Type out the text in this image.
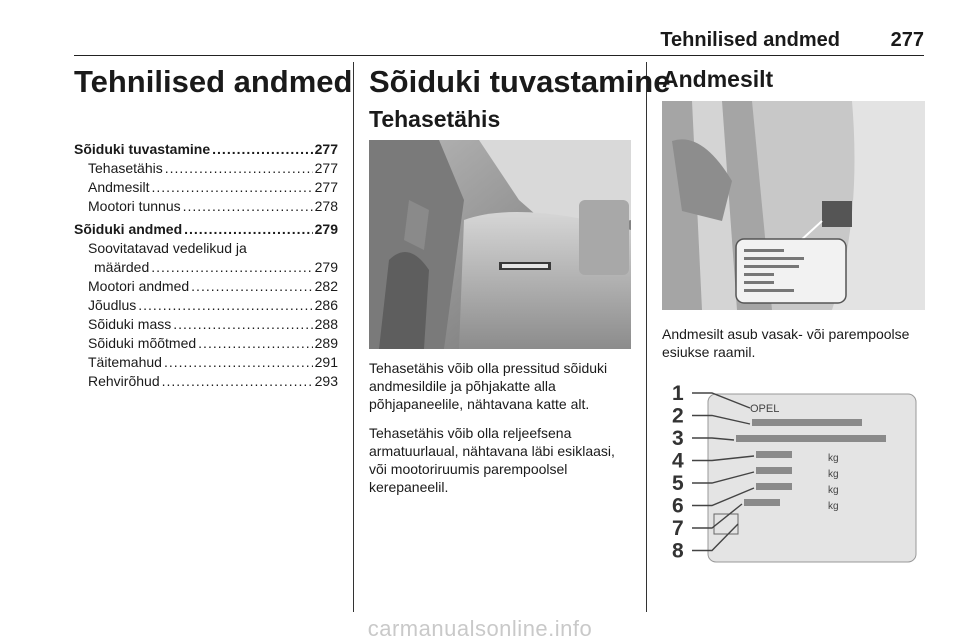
Tehnilised andmed	277
Tehnilised andmed
Sõiduki tuvastamine .....	277
Tehasetähis .....	277
Andmesilt .....	277
Mootori tunnus .....	278
Sõiduki andmed .....	279
Soovitatavad vedelikud ja
määrded .....	279
Mootori andmed .....	282
Jõudlus .....	286
Sõiduki mass .....	288
Sõiduki mõõtmed .....	289
Täitemahud .....	291
Rehvirõhud .....	293
Sõiduki tuvastamine
Tehasetähis
Tehasetähis võib olla pressitud sõiduki andmesildile ja põhjakatte alla põhjapaneelile, nähtavana katte alt.
Tehasetähis võib olla reljeefsena armatuurlaual, nähtavana läbi esiklaasi, või mootoriruumis parempoolsel kerepaneelil.
Andmesilt
Andmesilt asub vasak- või parempoolse esiukse raamil.
OPEL
kg
kg
kg
kg
1
2
3
4
5
6
7
8
carmanualsonline.info
